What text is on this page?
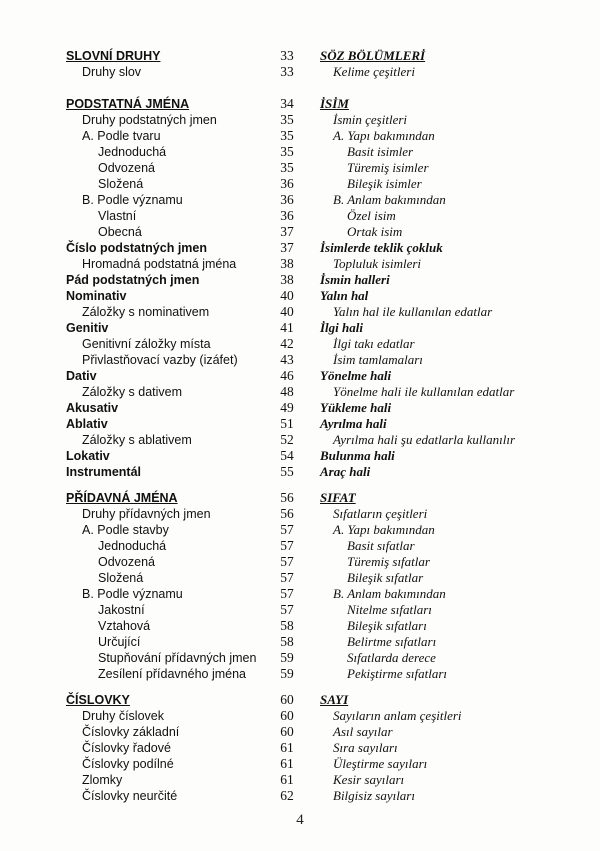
SLOVNÍ DRUHY	33	SÖZ BÖLÜMLERİ
Druhy slov	33	Kelime çeşitleri
PODSTATNÁ JMÉNA	34	İSİM
Druhy podstatných jmen	35	İsmin çeşitleri
A. Podle tvaru	35	A. Yapı bakımından
Jednoduchá	35	Basit isimler
Odvozená	35	Türemiş isimler
Složená	36	Bileşik isimler
B. Podle významu	36	B. Anlam bakımından
Vlastní	36	Özel isim
Obecná	37	Ortak isim
Číslo podstatných jmen	37	İsimlerde teklik çokluk
Hromadná podstatná jména	38	Topluluk isimleri
Pád podstatných jmen	38	İsmin halleri
Nominativ	40	Yalın hal
Záložky s nominativem	40	Yalın hal ile kullanılan edatlar
Genitiv	41	İlgi hali
Genitivní záložky místa	42	İlgi takı edatlar
Přivlastňovací vazby (izáfet)	43	İsim tamlamaları
Dativ	46	Yönelme hali
Záložky s dativem	48	Yönelme hali ile kullanılan edatlar
Akusativ	49	Yükleme hali
Ablativ	51	Ayrılma hali
Záložky s ablativem	52	Ayrılma hali şu edatlarla kullanılır
Lokativ	54	Bulunma hali
Instrumentál	55	Araç hali
PŘÍDAVNÁ JMÉNA	56	SIFAT
Druhy přídavných jmen	56	Sıfatların çeşitleri
A. Podle stavby	57	A. Yapı bakımından
Jednoduchá	57	Basit sıfatlar
Odvozená	57	Türemiş sıfatlar
Složená	57	Bileşik sıfatlar
B. Podle významu	57	B. Anlam bakımından
Jakostní	57	Nitelme sıfatları
Vztahová	58	Bileşik sıfatları
Určující	58	Belirtme sıfatları
Stupňování přídavných jmen	59	Sıfatlarda derece
Zesílení přídavného jména	59	Pekiştirme sıfatları
ČÍSLOVKY	60	SAYI
Druhy číslovek	60	Sayıların anlam çeşitleri
Číslovky základní	60	Asıl sayılar
Číslovky řadové	61	Sıra sayıları
Číslovky podílné	61	Üleştirme sayıları
Zlomky	61	Kesir sayıları
Číslovky neurčité	62	Bilgisiz sayıları
4
